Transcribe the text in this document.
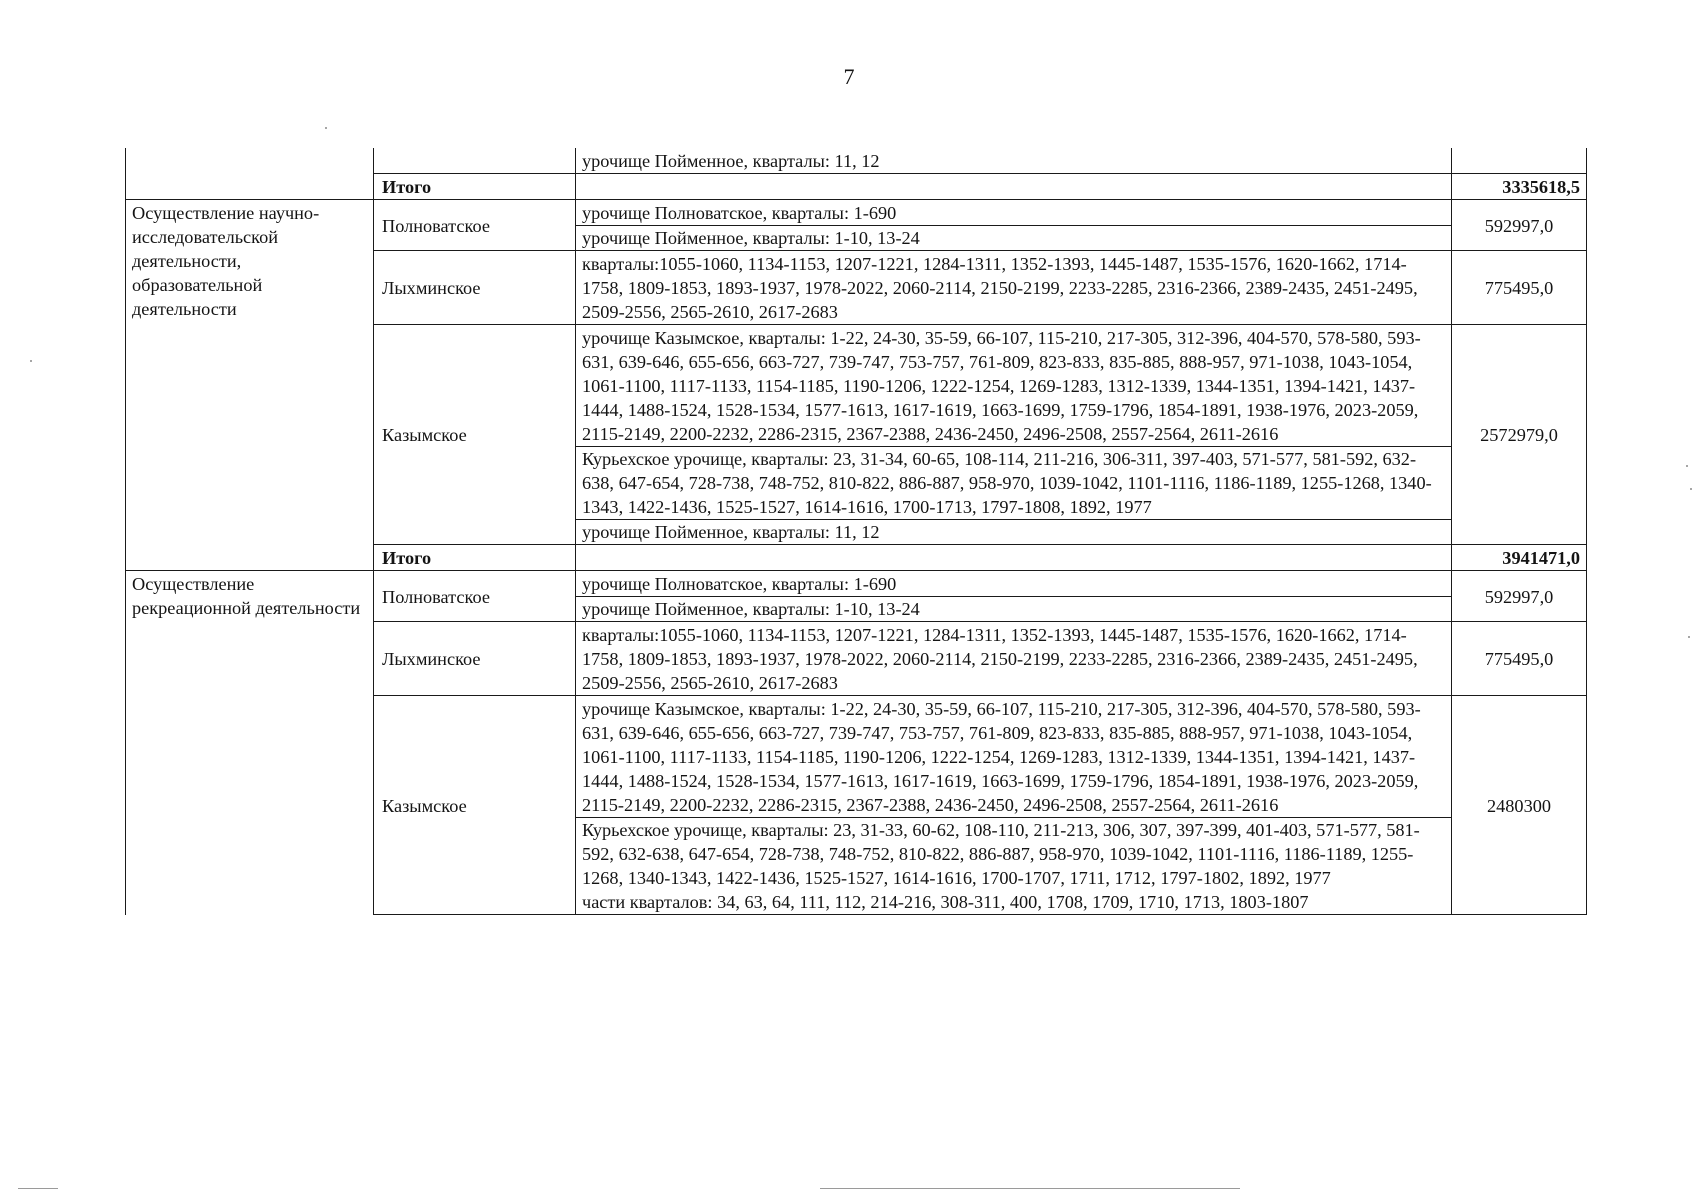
7

		урочище Пойменное, кварталы: 11, 12	

	Итого		3335618,5
Осуществление научно-исследовательской деятельности, образовательной деятельности	Полноватское	урочище Полноватское, кварталы: 1-690
урочище Пойменное, кварталы: 1-10, 13-24	592997,0
	Лыхминское	кварталы:1055-1060, 1134-1153, 1207-1221, 1284-1311, 1352-1393, 1445-1487, 1535-1576, 1620-1662, 1714-1758, 1809-1853, 1893-1937, 1978-2022, 2060-2114, 2150-2199, 2233-2285, 2316-2366, 2389-2435, 2451-2495, 2509-2556, 2565-2610, 2617-2683	775495,0
	Казымское	урочище Казымское, кварталы: 1-22, 24-30, 35-59, 66-107, 115-210, 217-305, 312-396, 404-570, 578-580, 593-631, 639-646, 655-656, 663-727, 739-747, 753-757, 761-809, 823-833, 835-885, 888-957, 971-1038, 1043-1054, 1061-1100, 1117-1133, 1154-1185, 1190-1206, 1222-1254, 1269-1283, 1312-1339, 1344-1351, 1394-1421, 1437-1444, 1488-1524, 1528-1534, 1577-1613, 1617-1619, 1663-1699, 1759-1796, 1854-1891, 1938-1976, 2023-2059, 2115-2149, 2200-2232, 2286-2315, 2367-2388, 2436-2450, 2496-2508, 2557-2564, 2611-2616
Курьехское урочище, кварталы: 23, 31-34, 60-65, 108-114, 211-216, 306-311, 397-403, 571-577, 581-592, 632-638, 647-654, 728-738, 748-752, 810-822, 886-887, 958-970, 1039-1042, 1101-1116, 1186-1189, 1255-1268, 1340-1343, 1422-1436, 1525-1527, 1614-1616, 1700-1713, 1797-1808, 1892, 1977
урочище Пойменное, кварталы: 11, 12	2572979,0
	Итого		3941471,0
Осуществление рекреационной деятельности	Полноватское	урочище Полноватское, кварталы: 1-690
урочище Пойменное, кварталы: 1-10, 13-24	592997,0
	Лыхминское	кварталы:1055-1060, 1134-1153, 1207-1221, 1284-1311, 1352-1393, 1445-1487, 1535-1576, 1620-1662, 1714-1758, 1809-1853, 1893-1937, 1978-2022, 2060-2114, 2150-2199, 2233-2285, 2316-2366, 2389-2435, 2451-2495, 2509-2556, 2565-2610, 2617-2683	775495,0
	Казымское	урочище Казымское, кварталы: 1-22, 24-30, 35-59, 66-107, 115-210, 217-305, 312-396, 404-570, 578-580, 593-631, 639-646, 655-656, 663-727, 739-747, 753-757, 761-809, 823-833, 835-885, 888-957, 971-1038, 1043-1054, 1061-1100, 1117-1133, 1154-1185, 1190-1206, 1222-1254, 1269-1283, 1312-1339, 1344-1351, 1394-1421, 1437-1444, 1488-1524, 1528-1534, 1577-1613, 1617-1619, 1663-1699, 1759-1796, 1854-1891, 1938-1976, 2023-2059, 2115-2149, 2200-2232, 2286-2315, 2367-2388, 2436-2450, 2496-2508, 2557-2564, 2611-2616
Курьехское урочище, кварталы: 23, 31-33, 60-62, 108-110, 211-213, 306, 307, 397-399, 401-403, 571-577, 581-592, 632-638, 647-654, 728-738, 748-752, 810-822, 886-887, 958-970, 1039-1042, 1101-1116, 1186-1189, 1255-1268, 1340-1343, 1422-1436, 1525-1527, 1614-1616, 1700-1707, 1711, 1712, 1797-1802, 1892, 1977
части кварталов: 34, 63, 64, 111, 112, 214-216, 308-311, 400, 1708, 1709, 1710, 1713, 1803-1807	2480300
